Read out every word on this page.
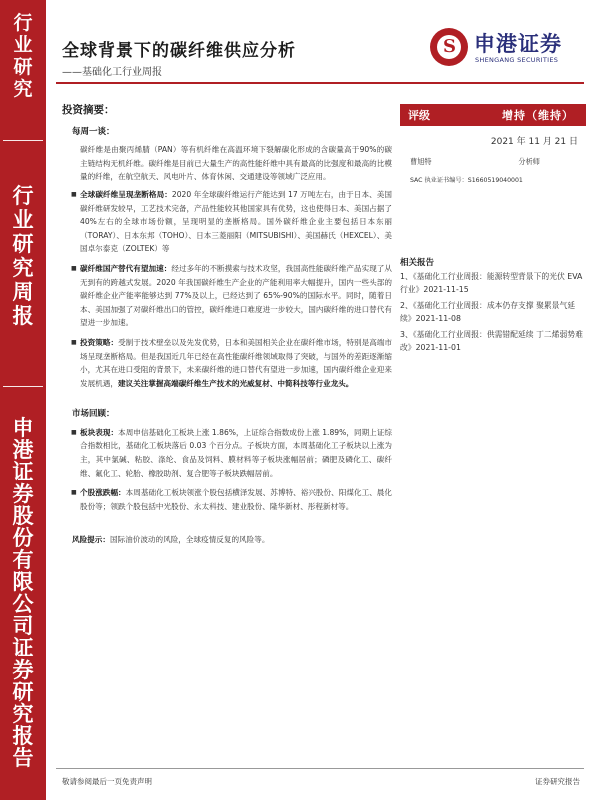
行
业
研
究
行
业
研
究
周
报
申
港
证
券
股
份
有
限
公
司
证
券
研
究
报
告
全球背景下的碳纤维供应分析
——基础化工行业周报
S 申港证券
SHENGANG SECURITIES
投资摘要：
每周一谈：

碳纤维是由聚丙烯腈（PAN）等有机纤维在高温环境下裂解碳化形成的含碳量高于90%的碳主链结构无机纤维。碳纤维是目前已大量生产的高性能纤维中具有最高的比强度和最高的比模量的纤维，在航空航天、风电叶片、体育休闲、交通建设等领域广泛应用。

■ 全球碳纤维呈现垄断格局：2020 年全球碳纤维运行产能达到 17 万吨左右，由于日本、美国碳纤维研发较早，工艺技术完备，产品性能较其他国家具有优势，这也使得日本、美国占据了 40%左右的全球市场份额，呈现明显的垄断格局。国外碳纤维企业主要包括日本东丽（TORAY）、日本东邦（TOHO）、日本三菱丽阳（MITSUBISHI）、美国赫氏（HEXCEL）、美国卓尔泰克（ZOLTEK）等
■ 碳纤维国产替代有望加速：经过多年的不断摸索与技术攻坚，我国高性能碳纤维产品实现了从无到有的跨越式发展。2020 年我国碳纤维生产企业的产能利用率大幅提升，国内一些头部的碳纤维企业产能率能够达到 77%及以上，已经达到了 65%-90%的国际水平。同时，随着日本、美国加强了对碳纤维出口的管控，碳纤维进口难度进一步较大，国内碳纤维的进口替代有望进一步加速。
■ 投资策略：受制于技术壁垒以及先发优势，日本和美国相关企业在碳纤维市场，特别是高端市场呈现垄断格局。但是我国近几年已经在高性能碳纤维领域取得了突破，与国外的差距逐渐缩小，尤其在进口受阻的背景下，未来碳纤维的进口替代有望进一步加速，国内碳纤维企业迎来发展机遇，建议关注掌握高端碳纤维生产技术的光威复材、中简科技等行业龙头。
市场回顾：
■ 板块表现：本周申信基础化工板块上涨 1.86%，上证综合指数成份上涨 1.89%，同期上证综合指数相比，基础化工板块落后 0.03 个百分点。子板块方面，本周基础化工子板块以上涨为主，其中氯碱、粘胶、涤纶、食品及饲料、膜材料等子板块涨幅居前；磷肥及磷化工、碳纤维、氟化工、轮胎、橡胶助剂、复合肥等子板块跌幅居前。
■ 个股涨跌幅：本周基础化工板块领涨个股包括横泽发展、苏博特、裕兴股份、阳煤化工、晨化股份等；领跌个股包括中光股份、永太科技、建业股份、隆华新材、彤程新材等。
风险提示：国际油价波动的风险，全球疫情反复的风险等。
评级	增持（维持）
2021 年 11 月 21 日
曹旭特	分析师
SAC 执业证书编号：S1660519040001
相关报告
1、《基础化工行业周报：能源转型背景下的光伏 EVA 行业》2021-11-15
2、《基础化工行业周报：成本仍存支撑 聚累景气延续》2021-11-08
3、《基础化工行业周报：供需错配延续 丁二烯弱势难改》2021-11-01
敬请参阅最后一页免责声明	证券研究报告
